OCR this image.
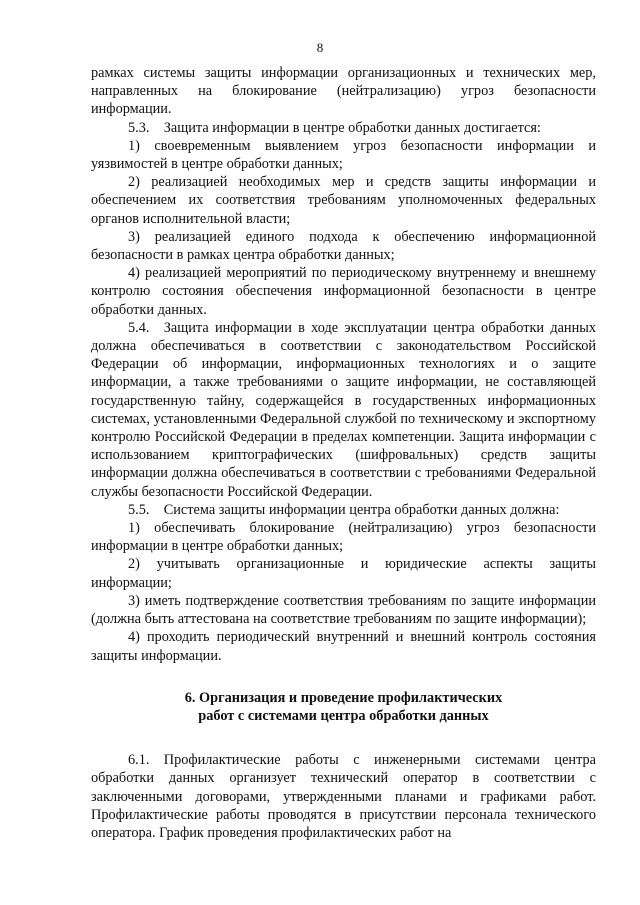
8

рамках системы защиты информации организационных и технических мер, направленных на блокирование (нейтрализацию) угроз безопасности информации.

5.3. Защита информации в центре обработки данных достигается:

1) своевременным выявлением угроз безопасности информации и уязвимостей в центре обработки данных;

2) реализацией необходимых мер и средств защиты информации и обеспечением их соответствия требованиям уполномоченных федеральных органов исполнительной власти;

3) реализацией единого подхода к обеспечению информационной безопасности в рамках центра обработки данных;

4) реализацией мероприятий по периодическому внутреннему и внешнему контролю состояния обеспечения информационной безопасности в центре обработки данных.

5.4. Защита информации в ходе эксплуатации центра обработки данных должна обеспечиваться в соответствии с законодательством Российской Федерации об информации, информационных технологиях и о защите информации, а также требованиями о защите информации, не составляющей государственную тайну, содержащейся в государственных информационных системах, установленными Федеральной службой по техническому и экспортному контролю Российской Федерации в пределах компетенции. Защита информации с использованием криптографических (шифровальных) средств защиты информации должна обеспечиваться в соответствии с требованиями Федеральной службы безопасности Российской Федерации.

5.5. Система защиты информации центра обработки данных должна:

1) обеспечивать блокирование (нейтрализацию) угроз безопасности информации в центре обработки данных;

2) учитывать организационные и юридические аспекты защиты информации;

3) иметь подтверждение соответствия требованиям по защите информации (должна быть аттестована на соответствие требованиям по защите информации);

4) проходить периодический внутренний и внешний контроль состояния защиты информации.

6. Организация и проведение профилактических
работ с системами центра обработки данных

6.1. Профилактические работы с инженерными системами центра обработки данных организует технический оператор в соответствии с заключенными договорами, утвержденными планами и графиками работ. Профилактические работы проводятся в присутствии персонала технического оператора. График проведения профилактических работ на
